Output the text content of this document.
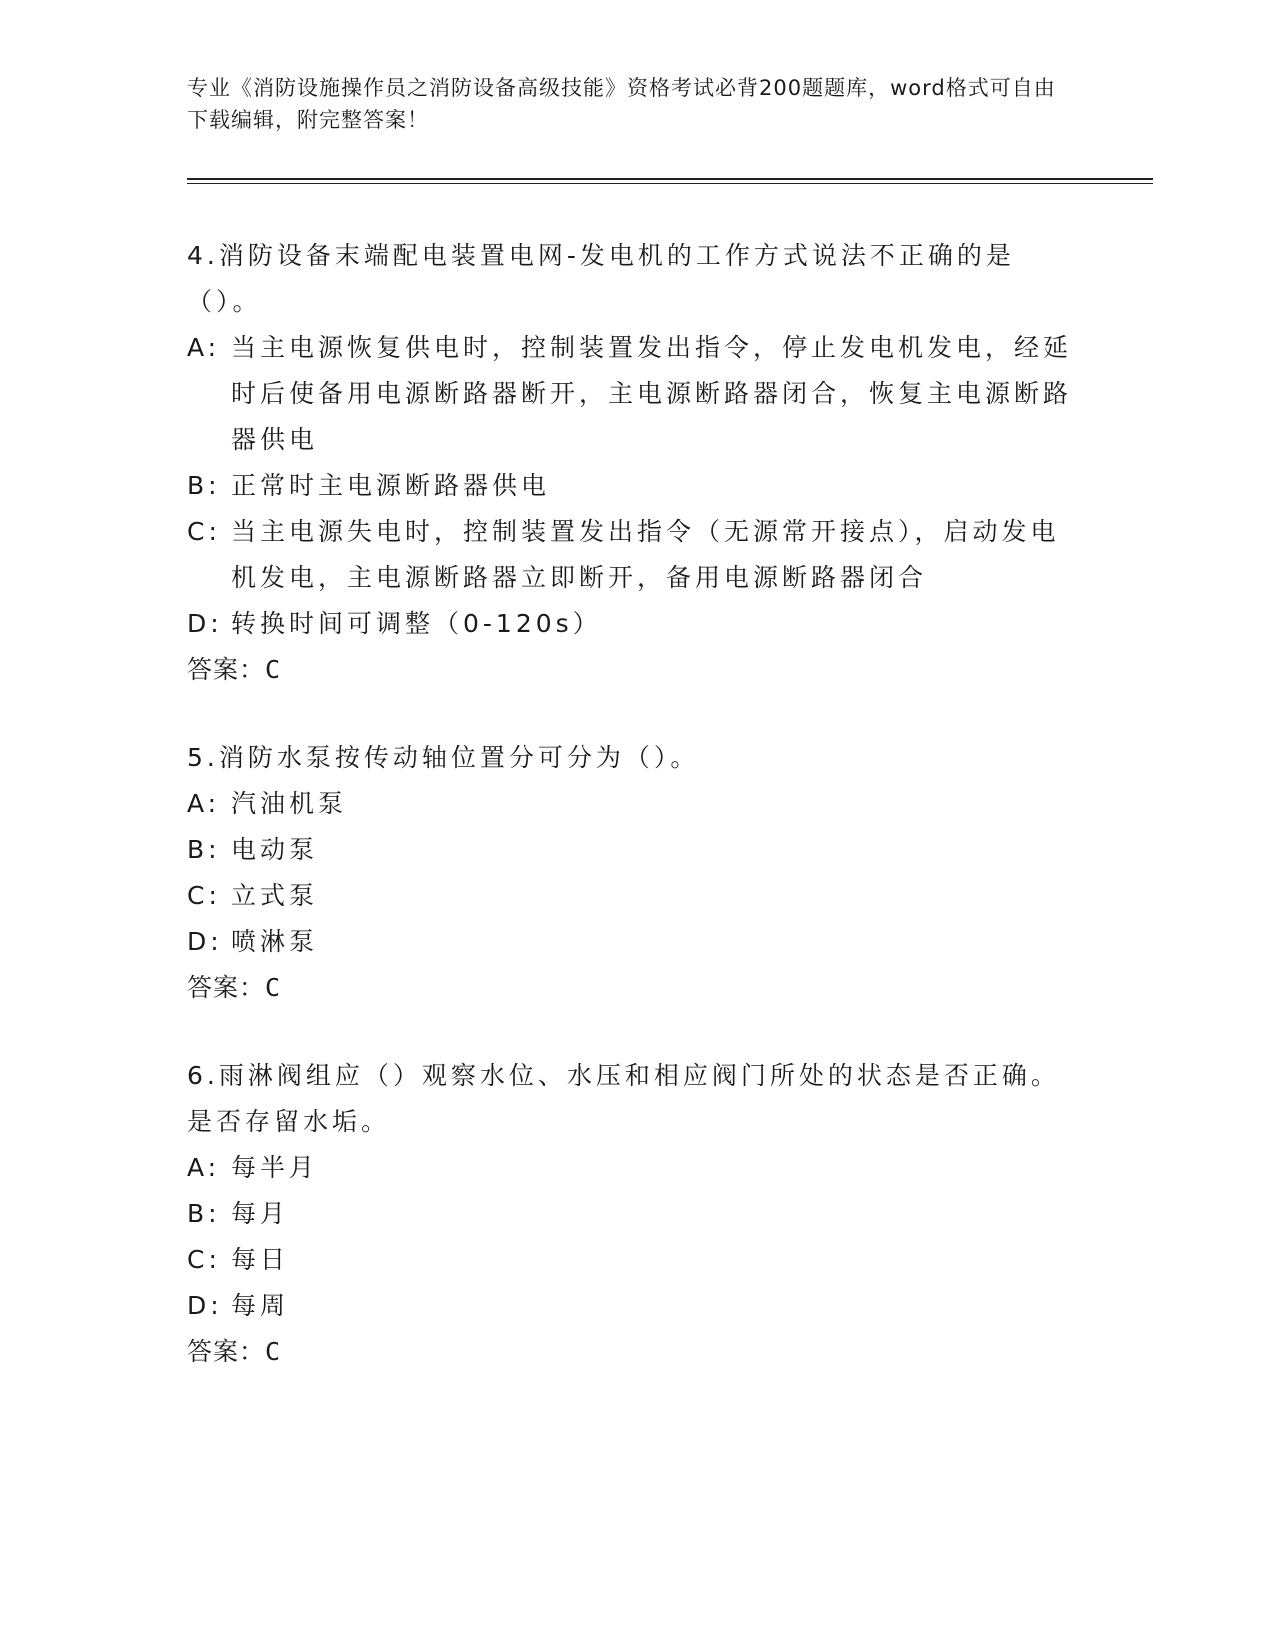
专业《消防设施操作员之消防设备高级技能》资格考试必背200题题库，word格式可自由下载编辑，附完整答案！
4.消防设备末端配电装置电网-发电机的工作方式说法不正确的是（）。
A: 当主电源恢复供电时，控制装置发出指令，停止发电机发电，经延时后使备用电源断路器断开，主电源断路器闭合，恢复主电源断路器供电
B: 正常时主电源断路器供电
C: 当主电源失电时，控制装置发出指令（无源常开接点），启动发电机发电，主电源断路器立即断开，备用电源断路器闭合
D: 转换时间可调整（0-120s）
答案：C
5.消防水泵按传动轴位置分可分为（）。
A: 汽油机泵
B: 电动泵
C: 立式泵
D: 喷淋泵
答案：C
6.雨淋阀组应（）观察水位、水压和相应阀门所处的状态是否正确。是否存留水垢。
A: 每半月
B: 每月
C: 每日
D: 每周
答案：C
